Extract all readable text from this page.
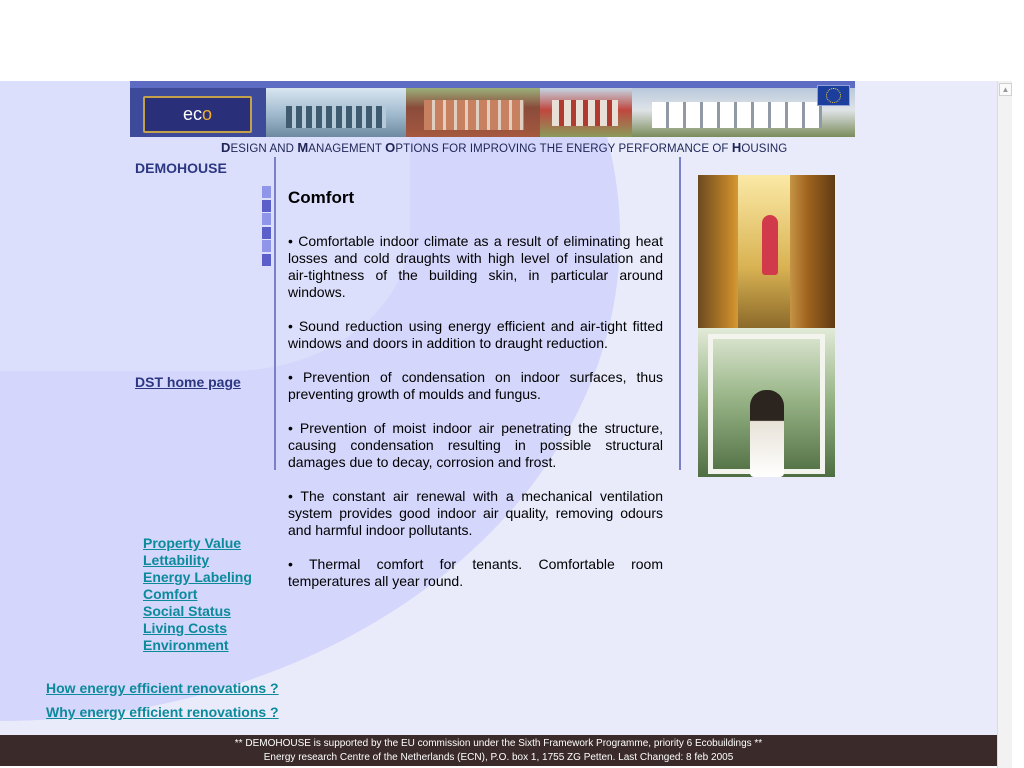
eco
DESIGN AND MANAGEMENT OPTIONS FOR IMPROVING THE ENERGY PERFORMANCE OF HOUSING
DEMOHOUSE
DST home page
Comfort

• Comfortable indoor climate as a result of eliminating heat losses and cold draughts with high level of insulation and air-tightness of the building skin, in particular around windows.

• Sound reduction using energy efficient and air-tight fitted windows and doors in addition to draught reduction.

• Prevention of condensation on indoor surfaces, thus preventing growth of moulds and fungus.

• Prevention of moist indoor air penetrating the structure, causing condensation resulting in possible structural damages due to decay, corrosion and frost.

• The constant air renewal with a mechanical ventilation system provides good indoor air quality, removing odours and harmful indoor pollutants.

• Thermal comfort for tenants. Comfortable room temperatures all year round.

Property Value
Lettability
Energy Labeling
Comfort
Social Status
Living Costs
Environment
How energy efficient renovations ?
Why energy efficient renovations ?
** DEMOHOUSE is supported by the EU commission under the Sixth Framework Programme, priority 6 Ecobuildings **
Energy research Centre of the Netherlands (ECN), P.O. box 1, 1755 ZG Petten. Last Changed: 8 feb 2005
▲
